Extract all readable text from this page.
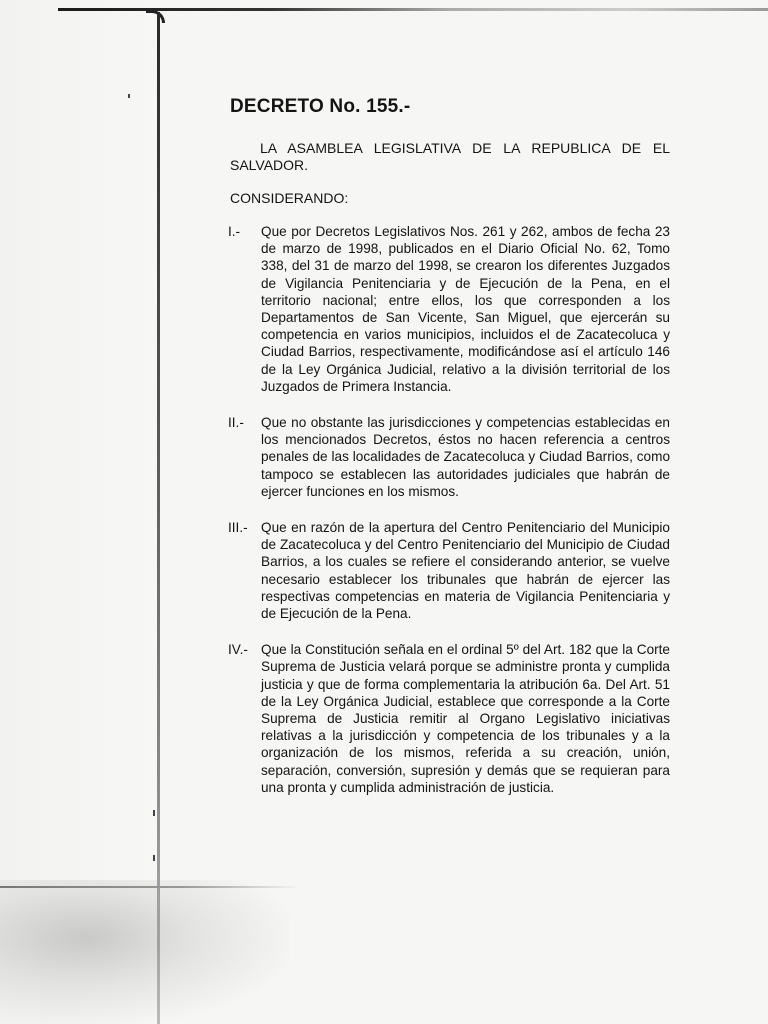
DECRETO No. 155.-
LA ASAMBLEA LEGISLATIVA DE LA REPUBLICA DE EL SALVADOR.
CONSIDERANDO:
I.-	Que por Decretos Legislativos Nos. 261 y 262, ambos de fecha 23 de marzo de 1998, publicados en el Diario Oficial No. 62, Tomo 338, del 31 de marzo del 1998, se crearon los diferentes Juzgados de Vigilancia Penitenciaria y de Ejecución de la Pena, en el territorio nacional; entre ellos, los que corresponden a los Departamentos de San Vicente, San Miguel, que ejercerán su competencia en varios municipios, incluidos el de Zacatecoluca y Ciudad Barrios, respectivamente, modificándose así el artículo 146 de la Ley Orgánica Judicial, relativo a la división territorial de los Juzgados de Primera Instancia.
II.-	Que no obstante las jurisdicciones y competencias establecidas en los mencionados Decretos, éstos no hacen referencia a centros penales de las localidades de Zacatecoluca y Ciudad Barrios, como tampoco se establecen las autoridades judiciales que habrán de ejercer funciones en los mismos.
III.- Que en razón de la apertura del Centro Penitenciario del Municipio de Zacatecoluca y del Centro Penitenciario del Municipio de Ciudad Barrios, a los cuales se refiere el considerando anterior, se vuelve necesario establecer los tribunales que habrán de ejercer las respectivas competencias en materia de Vigilancia Penitenciaria y de Ejecución de la Pena.
IV.- Que la Constitución señala en el ordinal 5º del Art. 182 que la Corte Suprema de Justicia velará porque se administre pronta y cumplida justicia y que de forma complementaria la atribución 6a. Del Art. 51 de la Ley Orgánica Judicial, establece que corresponde a la Corte Suprema de Justicia remitir al Organo Legislativo iniciativas relativas a la jurisdicción y competencia de los tribunales y a la organización de los mismos, referida a su creación, unión, separación, conversión, supresión y demás que se requieran para una pronta y cumplida administración de justicia.
